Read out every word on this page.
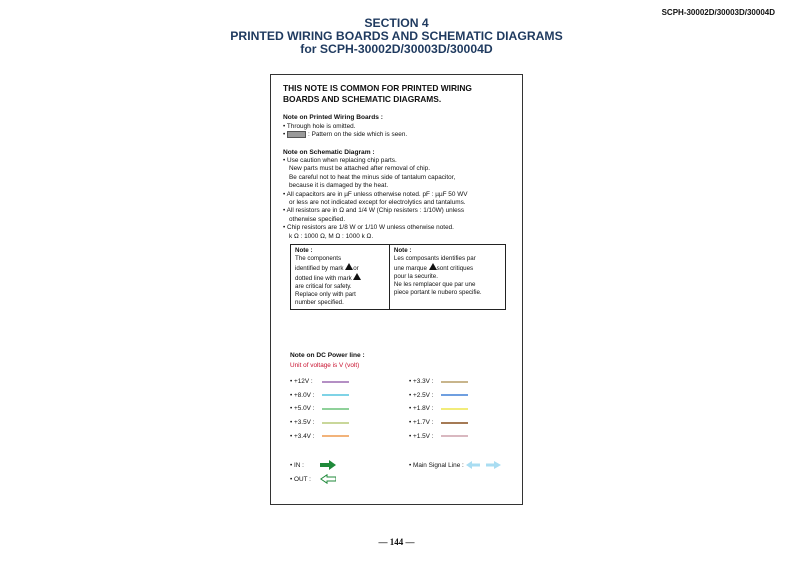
SCPH-30002D/30003D/30004D
SECTION 4
PRINTED WIRING BOARDS AND SCHEMATIC DIAGRAMS
for SCPH-30002D/30003D/30004D
THIS NOTE IS COMMON FOR PRINTED WIRING
BOARDS AND SCHEMATIC DIAGRAMS.
Note on Printed Wiring Boards :
• Through hole is omitted.
•	: Pattern on the side which is seen.
Note on Schematic Diagram :
• Use caution when replacing chip parts.
New parts must be attached after removal of chip.
Be careful not to heat the minus side of tantalum capacitor,
because it is damaged by the heat.
• All capacitors are in µF unless otherwise noted. pF : µµF 50 WV
or less are not indicated except for electrolytics and tantalums.
• All resistors are in Ω and 1/4 W (Chip resisters : 1/10W) unless
otherwise specified.
• Chip resistors are 1/8 W or 1/10 W unless otherwise noted.
k Ω : 1000 Ω, M Ω : 1000 k Ω.
Note :
The components
identified by mark or
dotted line with mark
are critical for safety.
Replace only with part
number specified.

Note :
Les composants identifies par
une marque sont critiques
pour la securite.
Ne les remplacer que par une
piece portant le nubero specifie.
Note on DC Power line :
Unit of voltage is V (volt)
• +12V :
• +8.0V :
• +5.0V :
• +3.5V :
• +3.4V :
• +3.3V :
• +2.5V :
• +1.8V :
• +1.7V :
• +1.5V :
• IN :
• OUT :
• Main Signal Line :
— 144 —
